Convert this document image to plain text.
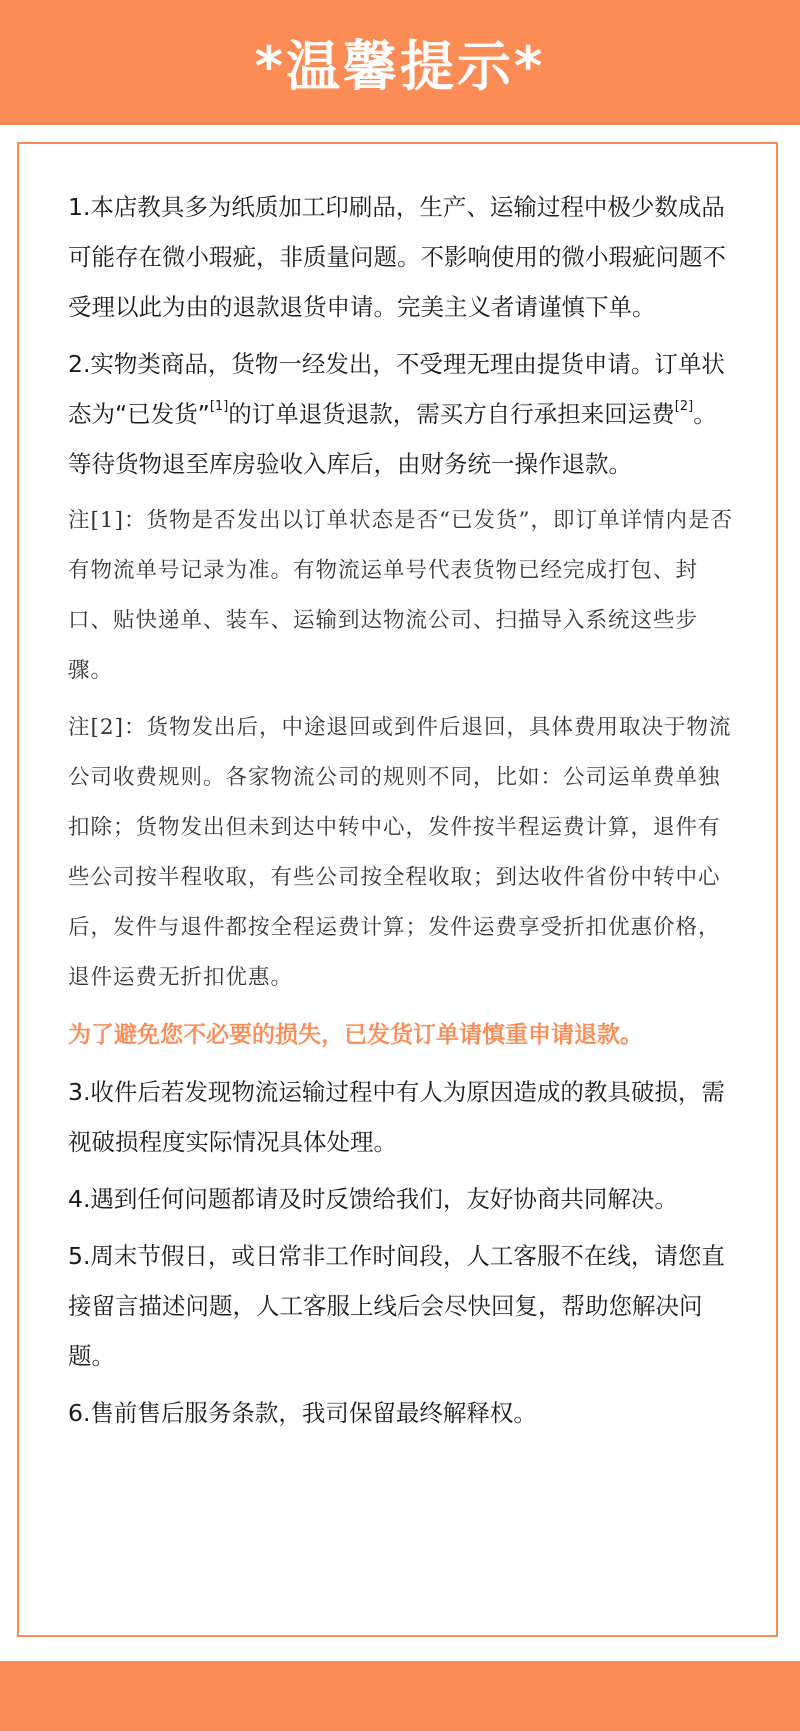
*温馨提示*

1.本店教具多为纸质加工印刷品，生产、运输过程中极少数成品可能存在微小瑕疵，非质量问题。不影响使用的微小瑕疵问题不受理以此为由的退款退货申请。完美主义者请谨慎下单。

2.实物类商品，货物一经发出，不受理无理由提货申请。订单状态为“已发货”[1]的订单退货退款，需买方自行承担来回运费[2]。等待货物退至库房验收入库后，由财务统一操作退款。

注[1]：货物是否发出以订单状态是否“已发货”，即订单详情内是否有物流单号记录为准。有物流运单号代表货物已经完成打包、封口、贴快递单、装车、运输到达物流公司、扫描导入系统这些步骤。

注[2]：货物发出后，中途退回或到件后退回，具体费用取决于物流公司收费规则。各家物流公司的规则不同，比如：公司运单费单独扣除；货物发出但未到达中转中心，发件按半程运费计算，退件有些公司按半程收取，有些公司按全程收取；到达收件省份中转中心后，发件与退件都按全程运费计算；发件运费享受折扣优惠价格，退件运费无折扣优惠。

为了避免您不必要的损失，已发货订单请慎重申请退款。

3.收件后若发现物流运输过程中有人为原因造成的教具破损，需视破损程度实际情况具体处理。

4.遇到任何问题都请及时反馈给我们，友好协商共同解决。

5.周末节假日，或日常非工作时间段，人工客服不在线，请您直接留言描述问题，人工客服上线后会尽快回复，帮助您解决问题。

6.售前售后服务条款，我司保留最终解释权。
